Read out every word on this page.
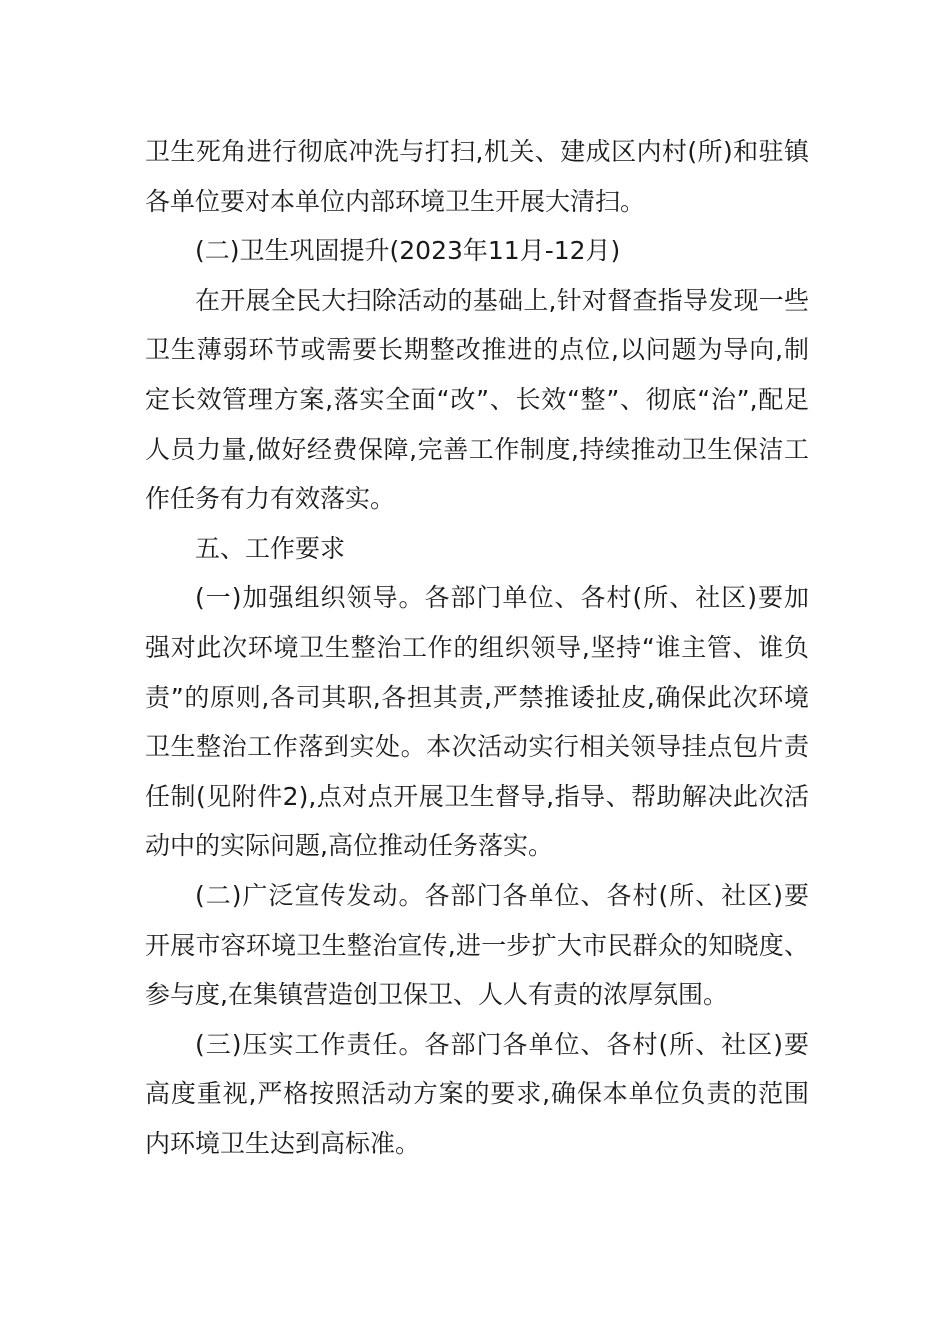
卫生死角进行彻底冲洗与打扫,机关、建成区内村(所)和驻镇各单位要对本单位内部环境卫生开展大清扫。

(二)卫生巩固提升(2023年11月-12月)

在开展全民大扫除活动的基础上,针对督查指导发现一些卫生薄弱环节或需要长期整改推进的点位,以问题为导向,制定长效管理方案,落实全面“改”、长效“整”、彻底“治”,配足人员力量,做好经费保障,完善工作制度,持续推动卫生保洁工作任务有力有效落实。

五、工作要求

(一)加强组织领导。各部门单位、各村(所、社区)要加强对此次环境卫生整治工作的组织领导,坚持“谁主管、谁负责”的原则,各司其职,各担其责,严禁推诿扯皮,确保此次环境卫生整治工作落到实处。本次活动实行相关领导挂点包片责任制(见附件2),点对点开展卫生督导,指导、帮助解决此次活动中的实际问题,高位推动任务落实。

(二)广泛宣传发动。各部门各单位、各村(所、社区)要开展市容环境卫生整治宣传,进一步扩大市民群众的知晓度、参与度,在集镇营造创卫保卫、人人有责的浓厚氛围。

(三)压实工作责任。各部门各单位、各村(所、社区)要高度重视,严格按照活动方案的要求,确保本单位负责的范围内环境卫生达到高标准。
